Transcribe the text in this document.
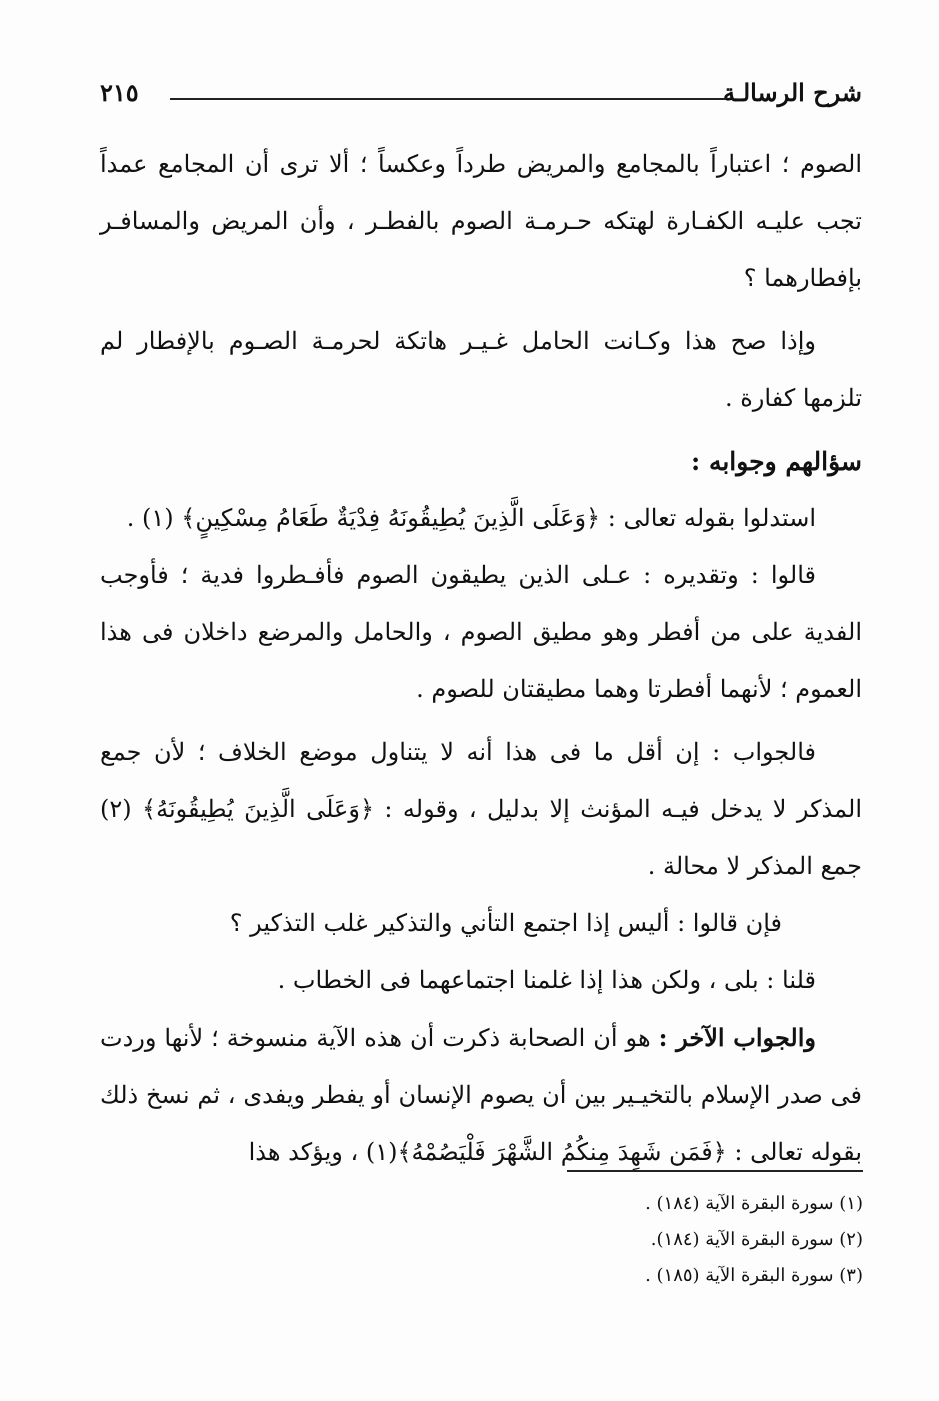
شرح الرسالـة
٢١٥

الصوم ؛ اعتباراً بالمجامع والمريض طرداً وعكساً ؛ ألا ترى أن المجامع عمداً تجب عليـه الكفـارة لهتكه حـرمـة الصوم بالفطـر ، وأن المريض والمسافـر بإفطارهما ؟

وإذا صح هذا وكـانت الحامل غـيـر هاتكة لحرمـة الصـوم بالإفطار لم تلزمها كفارة .

سؤالهم وجوابه :

استدلوا بقوله تعالى : ﴿وَعَلَى الَّذِينَ يُطِيقُونَهُ فِدْيَةٌ طَعَامُ مِسْكِينٍ﴾ (١) .

قالوا : وتقديره : عـلى الذين يطيقون الصوم فأفـطروا فدية ؛ فأوجب الفدية على من أفطر وهو مطيق الصوم ، والحامل والمرضع داخلان فى هذا العموم ؛ لأنهما أفطرتا وهما مطيقتان للصوم .

فالجواب : إن أقل ما فى هذا أنه لا يتناول موضع الخلاف ؛ لأن جمع المذكر لا يدخل فيـه المؤنث إلا بدليل ، وقوله : ﴿وَعَلَى الَّذِينَ يُطِيقُونَهُ﴾ (٢) جمع المذكر لا محالة .

فإن قالوا : أليس إذا اجتمع التأني والتذكير غلب التذكير ؟

قلنا : بلى ، ولكن هذا إذا غلمنا اجتماعهما فى الخطاب .

والجواب الآخر : هو أن الصحابة ذكرت أن هذه الآية منسوخة ؛ لأنها وردت فى صدر الإسلام بالتخيـير بين أن يصوم الإنسان أو يفطر ويفدى ، ثم نسخ ذلك بقوله تعالى : ﴿فَمَن شَهِدَ مِنكُمُ الشَّهْرَ فَلْيَصُمْهُ﴾(١) ، ويؤكد هذا

(١) سورة البقرة الآية (١٨٤) .
(٢) سورة البقرة الآية (١٨٤).
(٣) سورة البقرة الآية (١٨٥) .
